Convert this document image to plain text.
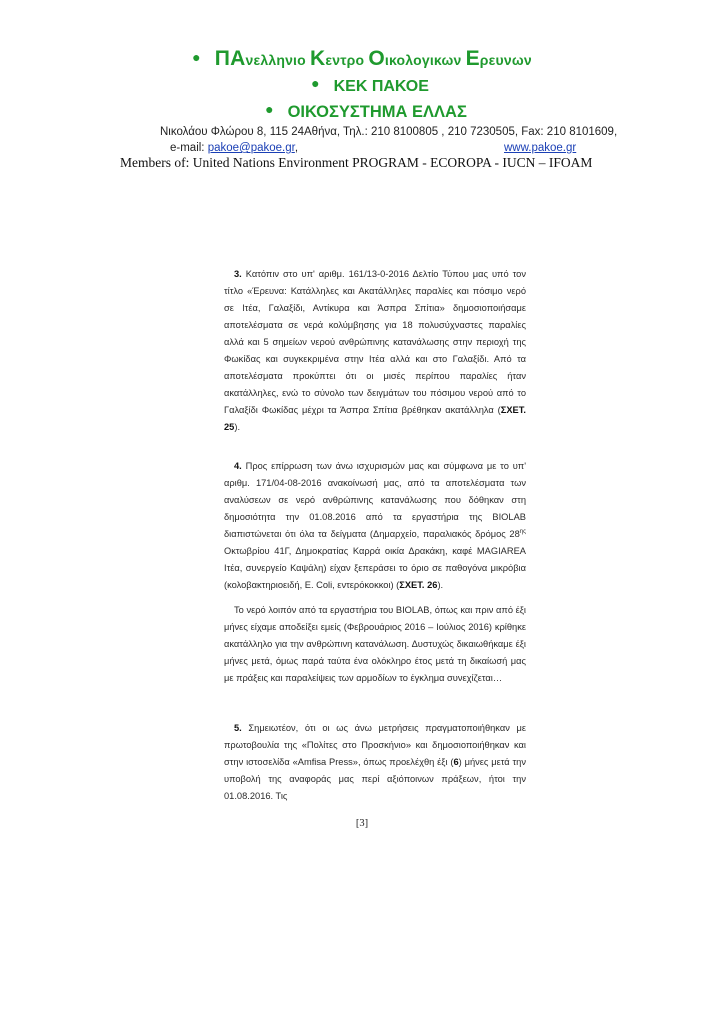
● ΠΑνελληνιο Κεντρο Οικολογικων Ερευνων
● ΚΕΚ ΠΑΚΟΕ
● ΟΙΚΟΣΥΣΤΗΜΑ ΕΛΛΑΣ
Νικολάου Φλώρου 8, 115 24Αθήνα, Τηλ.: 210 8100805 , 210 7230505, Fax: 210 8101609,
e-mail: pakoe@pakoe.gr,	www.pakoe.gr
Members of: United Nations Environment PROGRAM - ECOROPA - IUCN – IFOAM
3. Κατόπιν στο υπ' αριθμ. 161/13-0-2016 Δελτίο Τύπου μας υπό τον τίτλο «Έρευνα: Κατάλληλες και Ακατάλληλες παραλίες και πόσιμο νερό σε Ιτέα, Γαλαξίδι, Αντίκυρα και Άσπρα Σπίτια» δημοσιοποιήσαμε αποτελέσματα σε νερά κολύμβησης για 18 πολυσύχναστες παραλίες αλλά και 5 σημείων νερού ανθρώπινης κατανάλωσης στην περιοχή της Φωκίδας και συγκεκριμένα στην Ιτέα αλλά και στο Γαλαξίδι. Από τα αποτελέσματα προκύπτει ότι οι μισές περίπου παραλίες ήταν ακατάλληλες, ενώ το σύνολο των δειγμάτων του πόσιμου νερού από το Γαλαξίδι Φωκίδας μέχρι τα Άσπρα Σπίτια βρέθηκαν ακατάλληλα (ΣΧΕΤ. 25).
4. Προς επίρρωση των άνω ισχυρισμών μας και σύμφωνα με το υπ' αριθμ. 171/04-08-2016 ανακοίνωσή μας, από τα αποτελέσματα των αναλύσεων σε νερό ανθρώπινης κατανάλωσης που δόθηκαν στη δημοσιότητα την 01.08.2016 από τα εργαστήρια της BIOLAB διαπιστώνεται ότι όλα τα δείγματα (Δημαρχείο, παραλιακός δρόμος $28^{\eta\varsigma}$ Οκτωβρίου 41Γ, Δημοκρατίας Καρρά οικία Δρακάκη, καφέ MAGIAREA Ιτέα, συνεργείο Καψάλη) είχαν ξεπεράσει το όριο σε παθογόνα μικρόβια (κολοβακτηριοειδή, E. Coli, εντερόκοκκοι) (ΣΧΕΤ. 26).
Το νερό λοιπόν από τα εργαστήρια του BIOLAB, όπως και πριν από έξι μήνες είχαμε αποδείξει εμείς (Φεβρουάριος 2016 – Ιούλιος 2016) κρίθηκε ακατάλληλο για την ανθρώπινη κατανάλωση. Δυστυχώς δικαιωθήκαμε έξι μήνες μετά, όμως παρά ταύτα ένα ολόκληρο έτος μετά τη δικαίωσή μας με πράξεις και παραλείψεις των αρμοδίων το έγκλημα συνεχίζεται…
5. Σημειωτέον, ότι οι ως άνω μετρήσεις πραγματοποιήθηκαν με πρωτοβουλία της «Πολίτες στο Προσκήνιο» και δημοσιοποιήθηκαν και στην ιστοσελίδα «Amfisa Press», όπως προελέχθη έξι (6) μήνες μετά την υποβολή της αναφοράς μας περί αξιόποινων πράξεων, ήτοι την 01.08.2016. Τις
[3]
